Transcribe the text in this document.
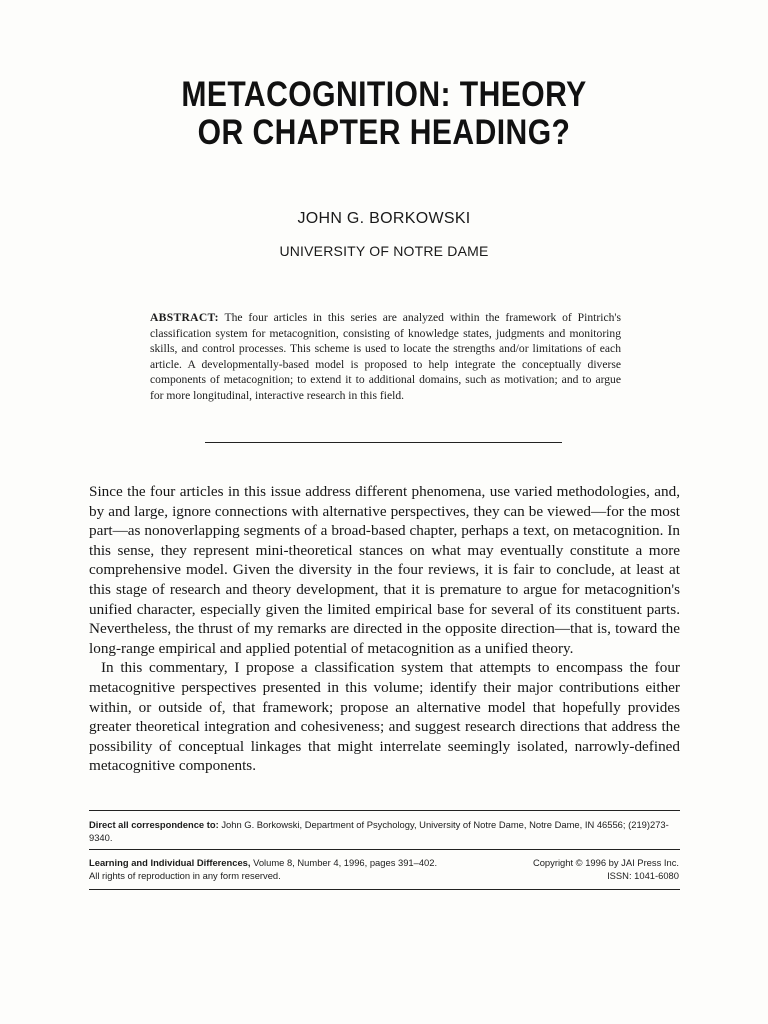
METACOGNITION: THEORY
OR CHAPTER HEADING?
JOHN G. BORKOWSKI
UNIVERSITY OF NOTRE DAME
ABSTRACT: The four articles in this series are analyzed within the framework of Pintrich's classification system for metacognition, consisting of knowledge states, judgments and monitoring skills, and control processes. This scheme is used to locate the strengths and/or limitations of each article. A developmentally-based model is proposed to help integrate the conceptually diverse components of metacognition; to extend it to additional domains, such as motivation; and to argue for more longitudinal, interactive research in this field.

Since the four articles in this issue address different phenomena, use varied methodologies, and, by and large, ignore connections with alternative perspectives, they can be viewed—for the most part—as nonoverlapping segments of a broad-based chapter, perhaps a text, on metacognition. In this sense, they represent mini-theoretical stances on what may eventually constitute a more comprehensive model. Given the diversity in the four reviews, it is fair to conclude, at least at this stage of research and theory development, that it is premature to argue for metacognition's unified character, especially given the limited empirical base for several of its constituent parts. Nevertheless, the thrust of my remarks are directed in the opposite direction—that is, toward the long-range empirical and applied potential of metacognition as a unified theory.

In this commentary, I propose a classification system that attempts to encompass the four metacognitive perspectives presented in this volume; identify their major contributions either within, or outside of, that framework; propose an alternative model that hopefully provides greater theoretical integration and cohesiveness; and suggest research directions that address the possibility of conceptual linkages that might interrelate seemingly isolated, narrowly-defined metacognitive components.

Direct all correspondence to: John G. Borkowski, Department of Psychology, University of Notre Dame, Notre Dame, IN 46556; (219)273-9340.
Learning and Individual Differences, Volume 8, Number 4, 1996, pages 391–402.
All rights of reproduction in any form reserved.
Copyright © 1996 by JAI Press Inc.
ISSN: 1041-6080
